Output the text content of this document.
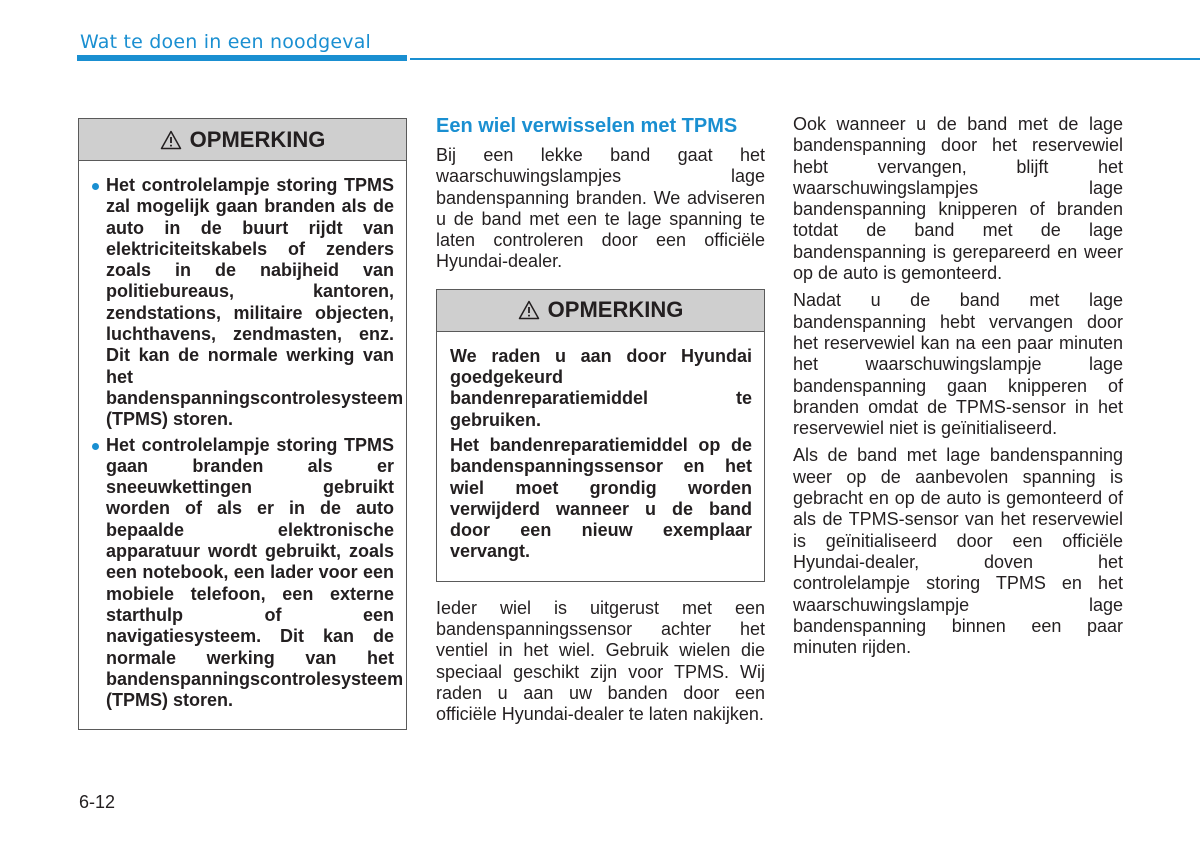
Wat te doen in een noodgeval
OPMERKING
Het controlelampje storing TPMS zal mogelijk gaan branden als de auto in de buurt rijdt van elektriciteitskabels of zenders zoals in de nabijheid van politiebureaus, kantoren, zendstations, militaire objecten, luchthavens, zendmasten, enz. Dit kan de normale werking van het bandenspanningscontrolesysteem (TPMS) storen.
Het controlelampje storing TPMS gaan branden als er sneeuwkettingen gebruikt worden of als er in de auto bepaalde elektronische apparatuur wordt gebruikt, zoals een notebook, een lader voor een mobiele telefoon, een externe starthulp of een navigatiesysteem. Dit kan de normale werking van het bandenspanningscontrolesysteem (TPMS) storen.
Een wiel verwisselen met TPMS

Bij een lekke band gaat het waarschuwingslampjes lage bandenspanning branden. We adviseren u de band met een te lage spanning te laten controleren door een officiële Hyundai-dealer.

OPMERKING

We raden u aan door Hyundai goedgekeurd bandenreparatiemiddel te gebruiken.

Het bandenreparatiemiddel op de bandenspanningssensor en het wiel moet grondig worden verwijderd wanneer u de band door een nieuw exemplaar vervangt.

Ieder wiel is uitgerust met een bandenspanningssensor achter het ventiel in het wiel. Gebruik wielen die speciaal geschikt zijn voor TPMS. Wij raden u aan uw banden door een officiële Hyundai-dealer te laten nakijken.

Ook wanneer u de band met de lage bandenspanning door het reservewiel hebt vervangen, blijft het waarschuwingslampjes lage bandenspanning knipperen of branden totdat de band met de lage bandenspanning is gerepareerd en weer op de auto is gemonteerd.

Nadat u de band met lage bandenspanning hebt vervangen door het reservewiel kan na een paar minuten het waarschuwingslampje lage bandenspanning gaan knipperen of branden omdat de TPMS-sensor in het reservewiel niet is geïnitialiseerd.

Als de band met lage bandenspanning weer op de aanbevolen spanning is gebracht en op de auto is gemonteerd of als de TPMS-sensor van het reservewiel is geïnitialiseerd door een officiële Hyundai-dealer, doven het controlelampje storing TPMS en het waarschuwingslampje lage bandenspanning binnen een paar minuten rijden.

6-12
